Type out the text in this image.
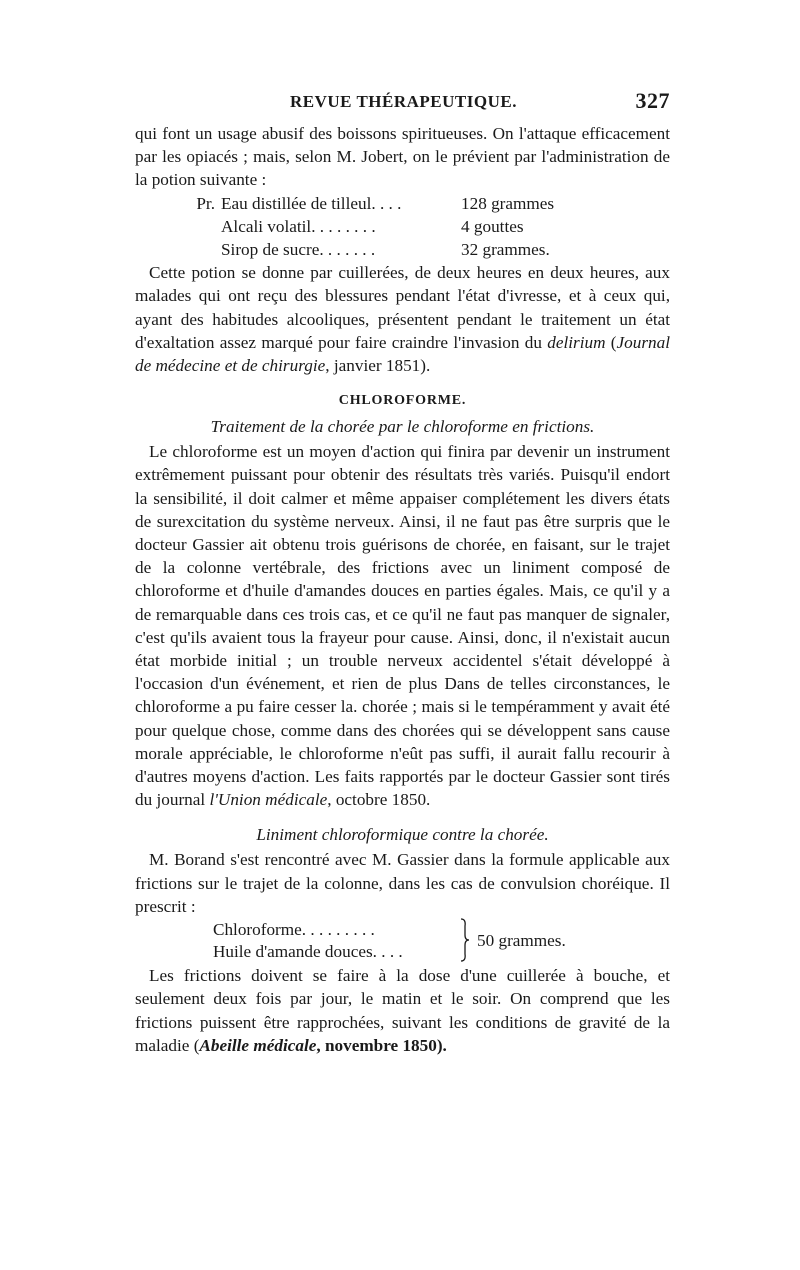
REVUE THÉRAPEUTIQUE.	327

qui font un usage abusif des boissons spiritueuses. On l'attaque efficacement par les opiacés ; mais, selon M. Jobert, on le prévient par l'administration de la potion suivante :

Pr. Eau distillée de tilleul. . . .	128 grammes
Alcali volatil. . . . . . . .	4 gouttes
Sirop de sucre. . . . . . .	32 grammes.

Cette potion se donne par cuillerées, de deux heures en deux heures, aux malades qui ont reçu des blessures pendant l'état d'ivresse, et à ceux qui, ayant des habitudes alcooliques, présentent pendant le traitement un état d'exaltation assez marqué pour faire craindre l'invasion du delirium (Journal de médecine et de chirurgie, janvier 1851).

CHLOROFORME.
Traitement de la chorée par le chloroforme en frictions.

Le chloroforme est un moyen d'action qui finira par devenir un instrument extrêmement puissant pour obtenir des résultats très variés. Puisqu'il endort la sensibilité, il doit calmer et même appaiser complétement les divers états de surexcitation du système nerveux. Ainsi, il ne faut pas être surpris que le docteur Gassier ait obtenu trois guérisons de chorée, en faisant, sur le trajet de la colonne vertébrale, des frictions avec un liniment composé de chloroforme et d'huile d'amandes douces en parties égales. Mais, ce qu'il y a de remarquable dans ces trois cas, et ce qu'il ne faut pas manquer de signaler, c'est qu'ils avaient tous la frayeur pour cause. Ainsi, donc, il n'existait aucun état morbide initial ; un trouble nerveux accidentel s'était développé à l'occasion d'un événement, et rien de plus Dans de telles circonstances, le chloroforme a pu faire cesser la. chorée ; mais si le tempéramment y avait été pour quelque chose, comme dans des chorées qui se développent sans cause morale appréciable, le chloroforme n'eût pas suffi, il aurait fallu recourir à d'autres moyens d'action. Les faits rapportés par le docteur Gassier sont tirés du journal l'Union médicale, octobre 1850.

Liniment chloroformique contre la chorée.

M. Borand s'est rencontré avec M. Gassier dans la formule applicable aux frictions sur le trajet de la colonne, dans les cas de convulsion choréique. Il prescrit :

Chloroforme. . . . . . . . .
Huile d'amande douces. . . .
50 grammes.

Les frictions doivent se faire à la dose d'une cuillerée à bouche, et seulement deux fois par jour, le matin et le soir. On comprend que les frictions puissent être rapprochées, suivant les conditions de gravité de la maladie (Abeille médicale, novembre 1850).
